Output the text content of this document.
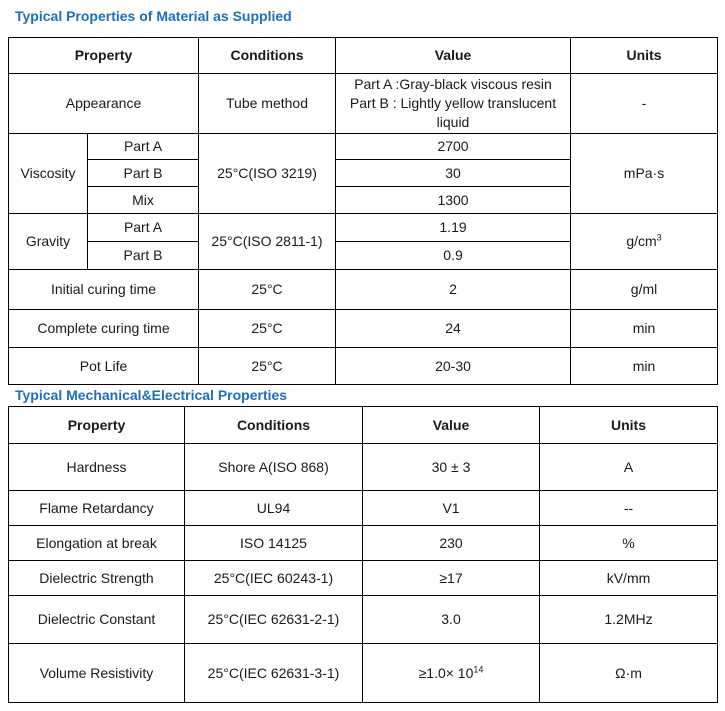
Typical Properties of Material as Supplied
Property		Conditions	Value	Units
Appearance		Tube method	Part A :Gray-black viscous resin
Part B : Lightly yellow translucent liquid	-
Viscosity	Part A	25°C(ISO 3219)	2700	mPa·s
	Part B		30	
	Mix		1300	
Gravity	Part A	25°C(ISO 2811-1)	1.19	$g/cm^3$
	Part B		0.9	
Initial curing time		25°C	2	g/ml
Complete curing time		25°C	24	min
Pot Life		25°C	20-30	min
Typical Mechanical&Electrical Properties
Property	Conditions	Value	Units
Hardness	Shore A(ISO 868)	30 ± 3	A
Flame Retardancy	UL94	V1	--
Elongation at break	ISO 14125	230	%
Dielectric Strength	25°C(IEC 60243-1)	≥17	kV/mm
Dielectric Constant	25°C(IEC 62631-2-1)	3.0	1.2MHz
Volume Resistivity	25°C(IEC 62631-3-1)	$\ge 1.0\times 10^{14}$	Ω·m
